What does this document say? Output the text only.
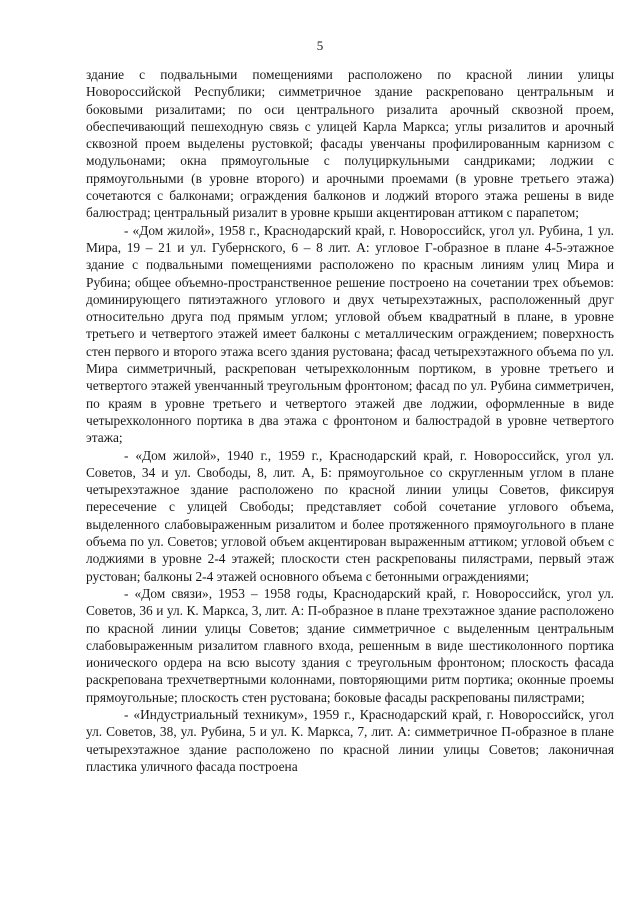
5

здание с подвальными помещениями расположено по красной линии улицы Новороссийской Республики; симметричное здание раскреповано центральным и боковыми ризалитами; по оси центрального ризалита арочный сквозной проем, обеспечивающий пешеходную связь с улицей Карла Маркса; углы ризалитов и арочный сквозной проем выделены рустовкой; фасады увенчаны профилированным карнизом с модульонами; окна прямоугольные с полуциркульными сандриками; лоджии с прямоугольными (в уровне второго) и арочными проемами (в уровне третьего этажа) сочетаются с балконами; ограждения балконов и лоджий второго этажа решены в виде балюстрад; центральный ризалит в уровне крыши акцентирован аттиком с парапетом;

- «Дом жилой», 1958 г., Краснодарский край, г. Новороссийск, угол ул. Рубина, 1 ул. Мира, 19 – 21 и ул. Губернского, 6 – 8 лит. А: угловое Г-образное в плане 4-5-этажное здание с подвальными помещениями расположено по красным линиям улиц Мира и Рубина; общее объемно-пространственное решение построено на сочетании трех объемов: доминирующего пятиэтажного углового и двух четырехэтажных, расположенный друг относительно друга под прямым углом; угловой объем квадратный в плане, в уровне третьего и четвертого этажей имеет балконы с металлическим ограждением; поверхность стен первого и второго этажа всего здания рустована; фасад четырехэтажного объема по ул. Мира симметричный, раскрепован четырехколонным портиком, в уровне третьего и четвертого этажей увенчанный треугольным фронтоном; фасад по ул. Рубина симметричен, по краям в уровне третьего и четвертого этажей две лоджии, оформленные в виде четырехколонного портика в два этажа с фронтоном и балюстрадой в уровне четвертого этажа;

- «Дом жилой», 1940 г., 1959 г., Краснодарский край, г. Новороссийск, угол ул. Советов, 34 и ул. Свободы, 8, лит. А, Б: прямоугольное со скругленным углом в плане четырехэтажное здание расположено по красной линии улицы Советов, фиксируя пересечение с улицей Свободы; представляет собой сочетание углового объема, выделенного слабовыраженным ризалитом и более протяженного прямоугольного в плане объема по ул. Советов; угловой объем акцентирован выраженным аттиком; угловой объем с лоджиями в уровне 2-4 этажей; плоскости стен раскрепованы пилястрами, первый этаж рустован; балконы 2-4 этажей основного объема с бетонными ограждениями;

- «Дом связи», 1953 – 1958 годы, Краснодарский край, г. Новороссийск, угол ул. Советов, 36 и ул. К. Маркса, 3, лит. А: П-образное в плане трехэтажное здание расположено по красной линии улицы Советов; здание симметричное с выделенным центральным слабовыраженным ризалитом главного входа, решенным в виде шестиколонного портика ионического ордера на всю высоту здания с треугольным фронтоном; плоскость фасада раскрепована трехчетвертными колоннами, повторяющими ритм портика; оконные проемы прямоугольные; плоскость стен рустована; боковые фасады раскрепованы пилястрами;

- «Индустриальный техникум», 1959 г., Краснодарский край, г. Новороссийск, угол ул. Советов, 38, ул. Рубина, 5 и ул. К. Маркса, 7, лит. А: симметричное П-образное в плане четырехэтажное здание расположено по красной линии улицы Советов; лаконичная пластика уличного фасада построена
